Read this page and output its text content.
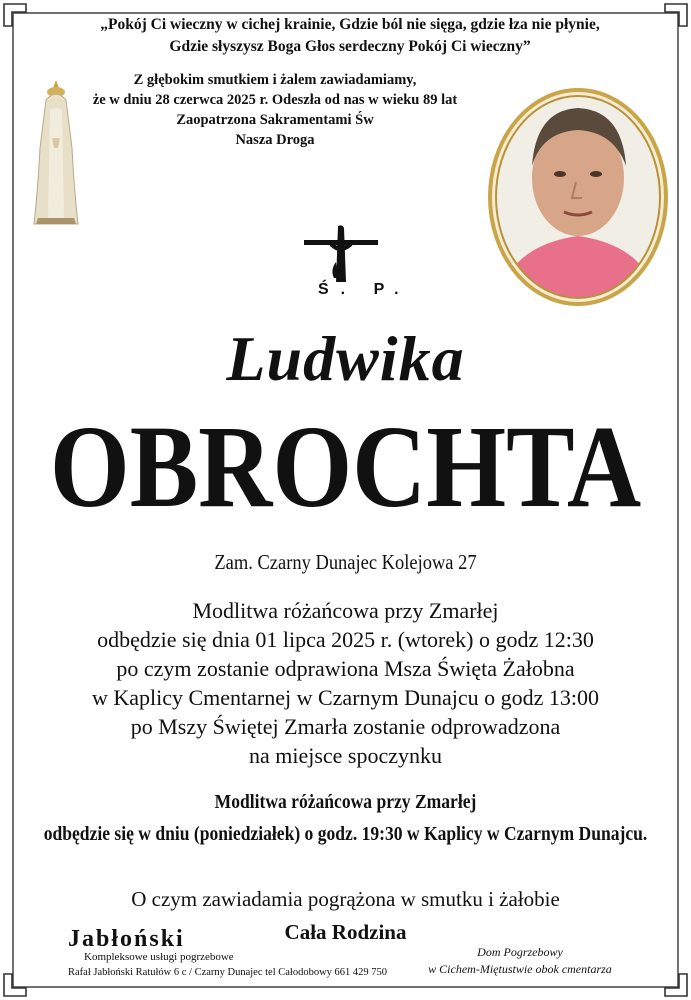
„Pokój Ci wieczny w cichej krainie, Gdzie ból nie sięga, gdzie łza nie płynie,
Gdzie słyszysz Boga Głos serdeczny Pokój Ci wieczny”
Z głębokim smutkiem i żalem zawiadamiamy,
że w dniu 28 czerwca 2025 r. Odeszła od nas w wieku 89 lat
Zaopatrzona Sakramentami Św
Nasza Droga
Ś. P.
Ludwika
OBROCHTA
Zam. Czarny Dunajec Kolejowa 27
Modlitwa różańcowa przy Zmarłej
odbędzie się dnia 01 lipca 2025 r. (wtorek) o godz 12:30
po czym zostanie odprawiona Msza Święta Żałobna
w Kaplicy Cmentarnej w Czarnym Dunajcu o godz 13:00
po Mszy Świętej Zmarła zostanie odprowadzona
na miejsce spoczynku
Modlitwa różańcowa przy Zmarłej
odbędzie się w dniu (poniedziałek) o godz. 19:30 w Kaplicy w Czarnym Dunajcu.
O czym zawiadamia pogrążona w smutku i żałobie
Cała Rodzina
Jabłoński
Kompleksowe usługi pogrzebowe
Rafał Jabłoński Ratułów 6 c / Czarny Dunajec tel Całodobowy 661 429 750
Dom Pogrzebowy
w Cichem-Miętustwie obok cmentarza
